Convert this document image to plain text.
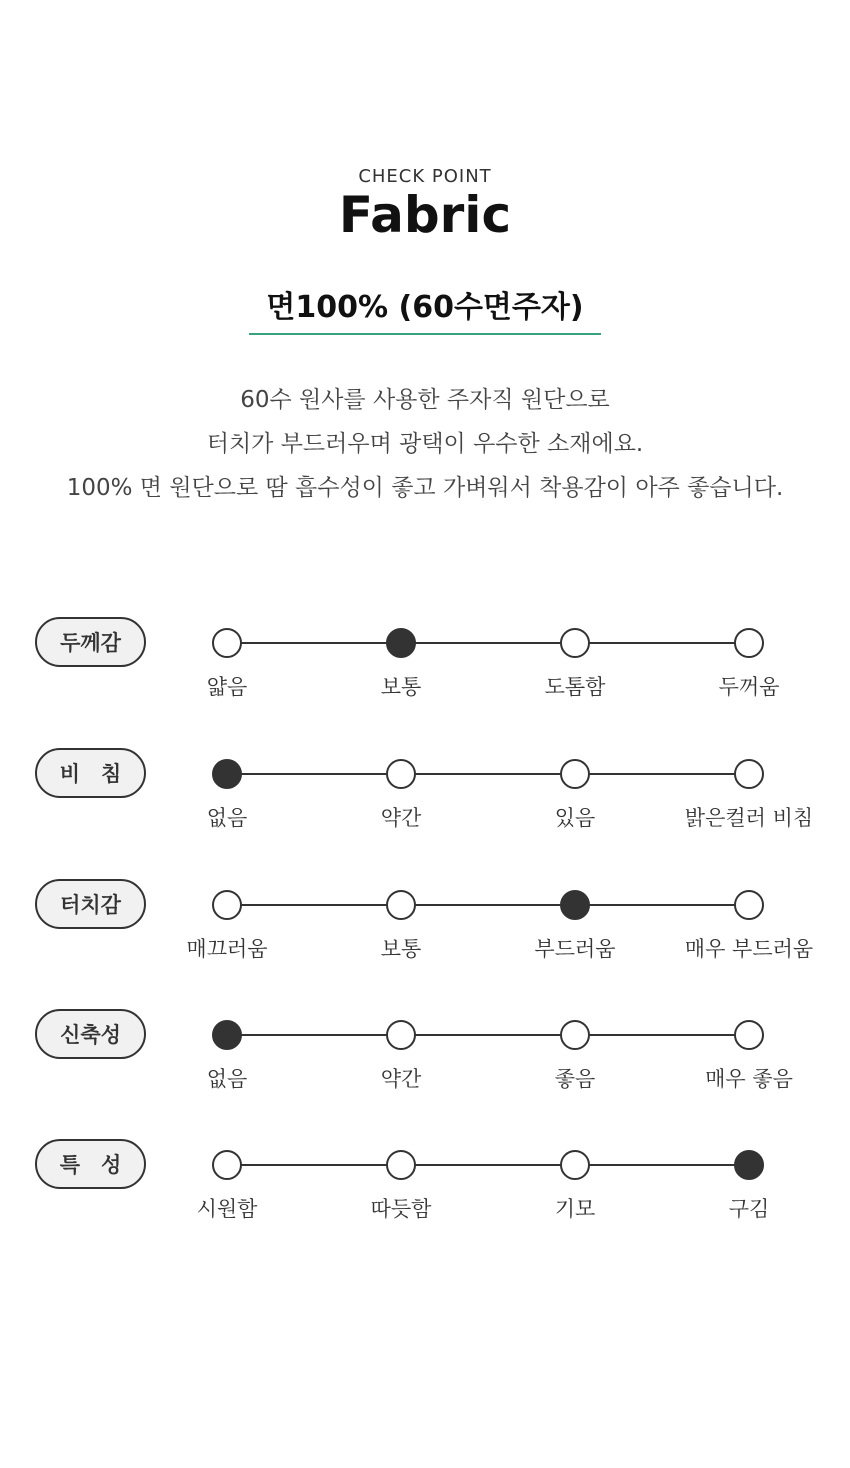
CHECK POINT
Fabric
면100% (60수면주자)
60수 원사를 사용한 주자직 원단으로
터치가 부드러우며 광택이 우수한 소재에요.
100% 면 원단으로 땀 흡수성이 좋고 가벼워서 착용감이 아주 좋습니다.
두께감
얇음	보통	도톰함	두꺼움
비　침
없음	약간	있음	밝은컬러 비침
터치감
매끄러움	보통	부드러움	매우 부드러움
신축성
없음	약간	좋음	매우 좋음
특　성
시원함	따듯함	기모	구김
